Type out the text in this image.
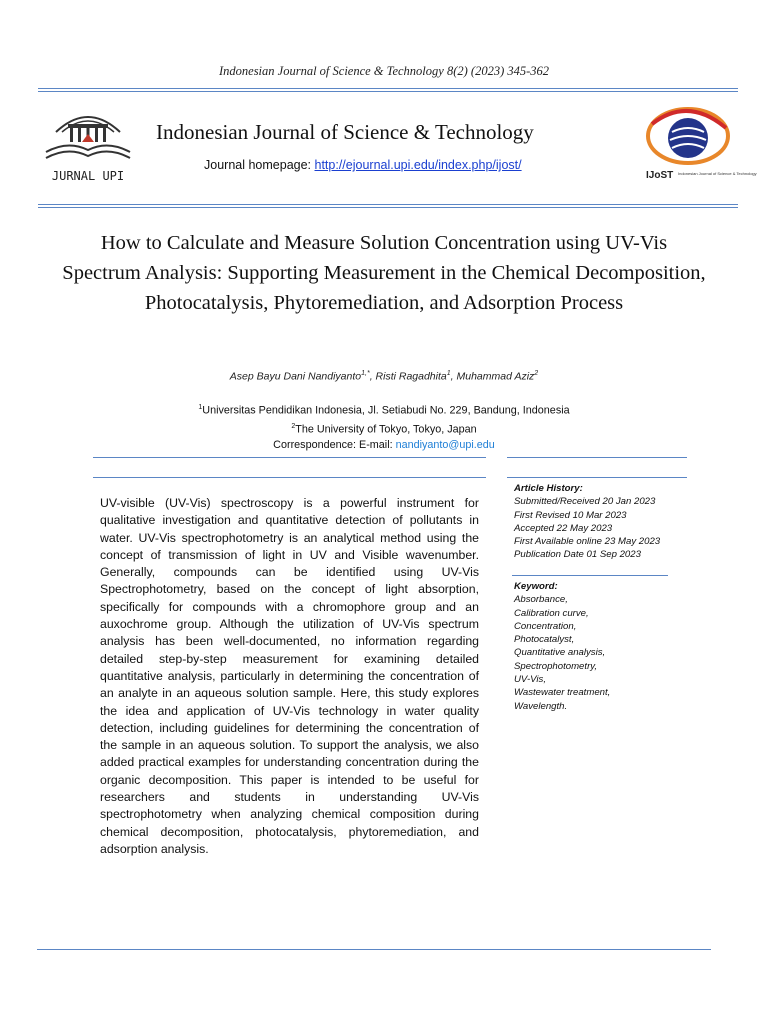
Indonesian Journal of Science & Technology 8(2) (2023) 345-362
JURNAL UPI
Indonesian Journal of Science & Technology
Journal homepage: http://ejournal.upi.edu/index.php/ijost/
IJoST Indonesian Journal of Science & Technology
How to Calculate and Measure Solution Concentration using UV-Vis Spectrum Analysis: Supporting Measurement in the Chemical Decomposition, Photocatalysis, Phytoremediation, and Adsorption Process
Asep Bayu Dani Nandiyanto$^{1,*}$, Risti Ragadhita$^1$, Muhammad Aziz$^2$
$^1$Universitas Pendidikan Indonesia, Jl. Setiabudi No. 229, Bandung, Indonesia
$^2$The University of Tokyo, Tokyo, Japan
Correspondence: E-mail: nandiyanto@upi.edu
UV-visible (UV-Vis) spectroscopy is a powerful instrument for qualitative investigation and quantitative detection of pollutants in water. UV-Vis spectrophotometry is an analytical method using the concept of transmission of light in UV and Visible wavenumber. Generally, compounds can be identified using UV-Vis Spectrophotometry, based on the concept of light absorption, specifically for compounds with a chromophore group and an auxochrome group. Although the utilization of UV-Vis spectrum analysis has been well-documented, no information regarding detailed step-by-step measurement for examining detailed quantitative analysis, particularly in determining the concentration of an analyte in an aqueous solution sample. Here, this study explores the idea and application of UV-Vis technology in water quality detection, including guidelines for determining the concentration of the sample in an aqueous solution. To support the analysis, we also added practical examples for understanding concentration during the organic decomposition. This paper is intended to be useful for researchers and students in understanding UV-Vis spectrophotometry when analyzing chemical composition during chemical decomposition, photocatalysis, phytoremediation, and adsorption analysis.
Article History:
Submitted/Received 20 Jan 2023
First Revised 10 Mar 2023
Accepted 22 May 2023
First Available online 23 May 2023
Publication Date 01 Sep 2023
Keyword:
Absorbance,
Calibration curve,
Concentration,
Photocatalyst,
Quantitative analysis,
Spectrophotometry,
UV-Vis,
Wastewater treatment,
Wavelength.
